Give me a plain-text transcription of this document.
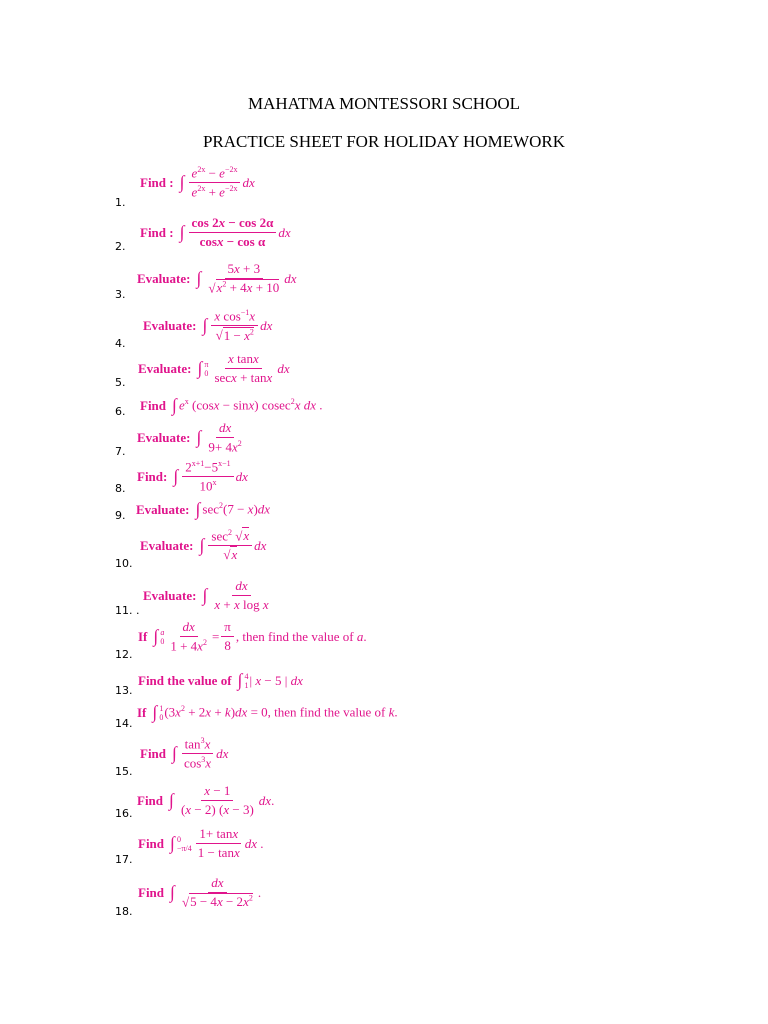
MAHATMA MONTESSORI SCHOOL
PRACTICE SHEET FOR HOLIDAY HOMEWORK
1.
Find : ∫ $\frac{e^{2x} - e^{-2x}}{e^{2x} + e^{-2x}}$ dx
2.
Find : ∫ $\frac{\cos 2x - \cos 2\alpha}{\text{cosx − cos α}}$ dx
3.
Evaluate: ∫ $\frac{5x + 3}{√x^2 + 4x + 10}$ dx
4.
Evaluate: ∫ $\frac{x \cos^{-1}x}{√1 - x^2}$ dx
5.
Evaluate: ∫ π
$0 \frac{\text{x tanx}}{\sec x + \tan x}$ dx
6. Find ∫ $e^x$ (cosx − sinx) cosec$^2$x dx .
7.
Evaluate: ∫ $\frac{dx}{9+ 4x^2}$
8.
Find: ∫ $\frac{2^{x+1}-5^{x-1}}{10^x}$ dx
9. Evaluate: ∫ $\sec^2(7 - x)dx$
10.
Evaluate: ∫ $\frac{\sec^2 √x}{√x}$ dx
11. .
Evaluate: ∫ $\frac{dx}{\text{x + x log x}}$
12.
If ∫ a
$0 \frac{dx}{1 + 4x^2} = \frac{\pi}{8}$ , then find the value of a.
13.
Find the value of ∫ 4
1 | x − 5 | dx
14.
If ∫ 1
0 $(3x^2 + 2x + k)dx = 0$, then find the value of k.
15.
Find ∫ $\frac{\tan^3x}{\cos^3x}$ dx
16.
Find ∫ $\frac{x - 1}{(x - 2) (x - 3)}$ dx.
17.
Find ∫ 0
$-\pi/4 \frac{1+ \tan x}{1 - \tan x}$ dx .
18.
Find ∫ $\frac{dx}{√5 - 4x - 2x^2}$ .
